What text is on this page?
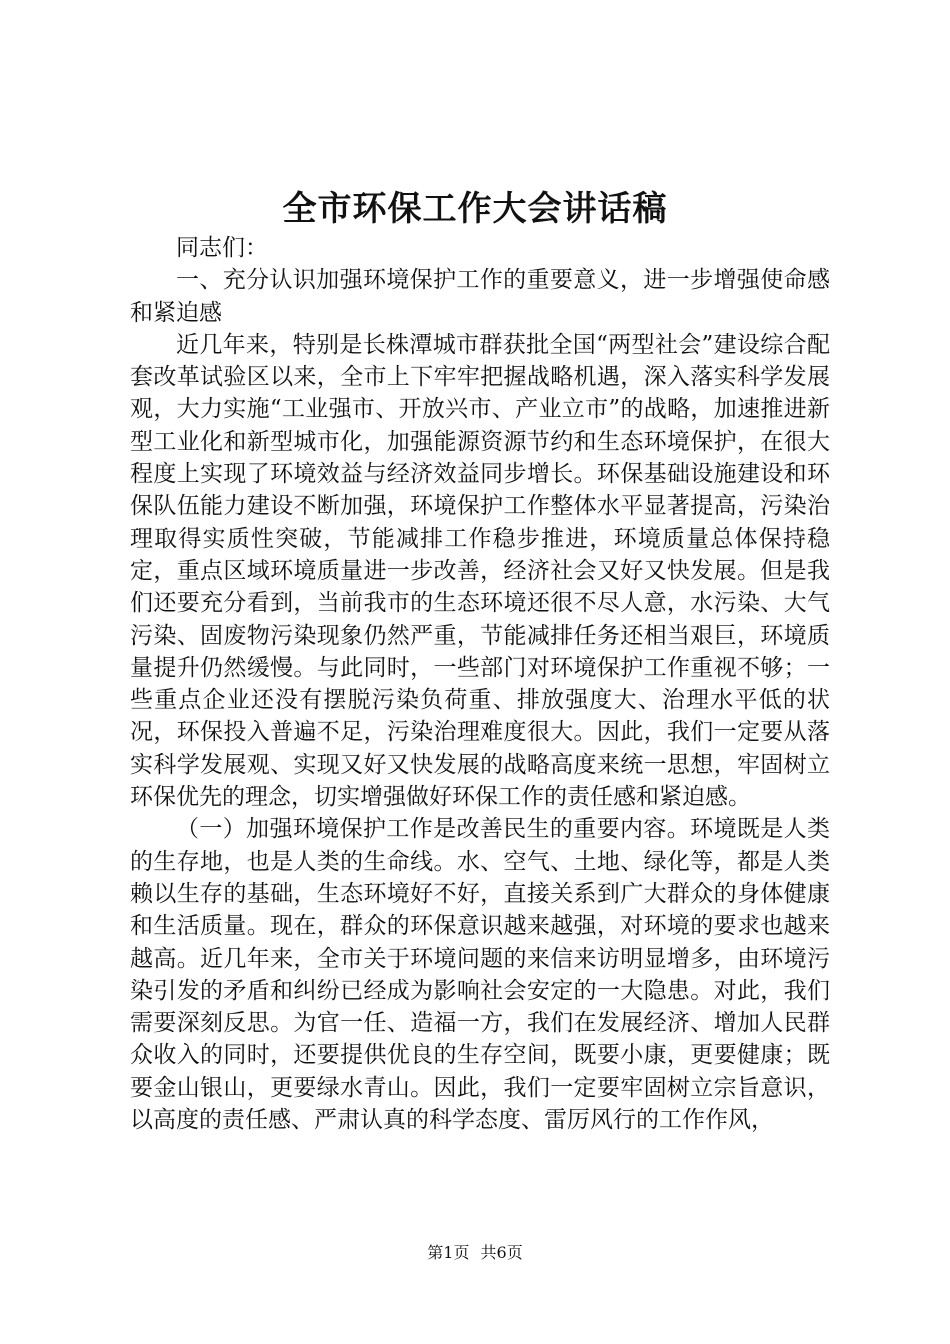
全市环保工作大会讲话稿

同志们：

一、充分认识加强环境保护工作的重要意义，进一步增强使命感和紧迫感

近几年来，特别是长株潭城市群获批全国“两型社会”建设综合配套改革试验区以来，全市上下牢牢把握战略机遇，深入落实科学发展观，大力实施“工业强市、开放兴市、产业立市”的战略，加速推进新型工业化和新型城市化，加强能源资源节约和生态环境保护，在很大程度上实现了环境效益与经济效益同步增长。环保基础设施建设和环保队伍能力建设不断加强，环境保护工作整体水平显著提高，污染治理取得实质性突破，节能减排工作稳步推进，环境质量总体保持稳定，重点区域环境质量进一步改善，经济社会又好又快发展。但是我们还要充分看到，当前我市的生态环境还很不尽人意，水污染、大气污染、固废物污染现象仍然严重，节能减排任务还相当艰巨，环境质量提升仍然缓慢。与此同时，一些部门对环境保护工作重视不够；一些重点企业还没有摆脱污染负荷重、排放强度大、治理水平低的状况，环保投入普遍不足，污染治理难度很大。因此，我们一定要从落实科学发展观、实现又好又快发展的战略高度来统一思想，牢固树立环保优先的理念，切实增强做好环保工作的责任感和紧迫感。

（一）加强环境保护工作是改善民生的重要内容。环境既是人类的生存地，也是人类的生命线。水、空气、土地、绿化等，都是人类赖以生存的基础，生态环境好不好，直接关系到广大群众的身体健康和生活质量。现在，群众的环保意识越来越强，对环境的要求也越来越高。近几年来，全市关于环境问题的来信来访明显增多，由环境污染引发的矛盾和纠纷已经成为影响社会安定的一大隐患。对此，我们需要深刻反思。为官一任、造福一方，我们在发展经济、增加人民群众收入的同时，还要提供优良的生存空间，既要小康，更要健康；既要金山银山，更要绿水青山。因此，我们一定要牢固树立宗旨意识，以高度的责任感、严肃认真的科学态度、雷厉风行的工作作风，

第1页 共6页
